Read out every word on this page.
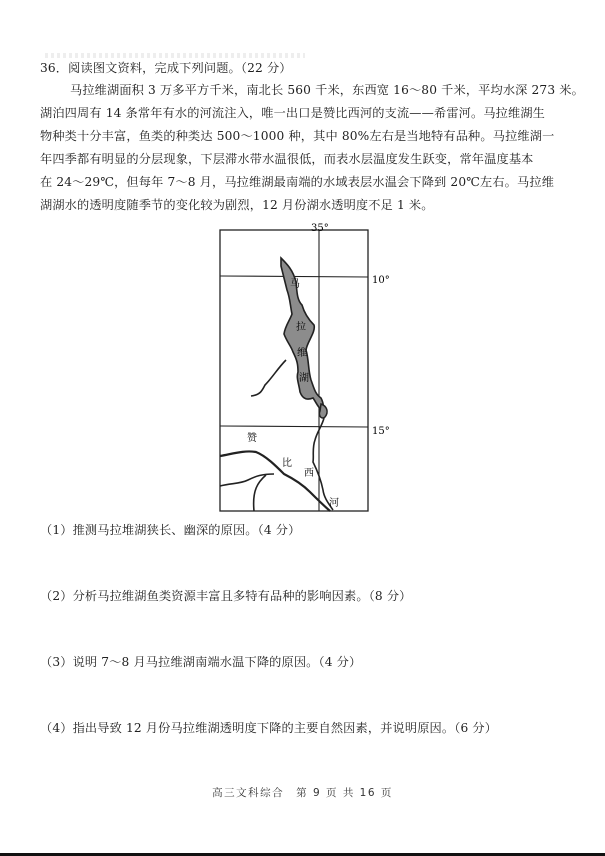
36．阅读图文资料，完成下列问题。（22 分）
马拉维湖面积 3 万多平方千米，南北长 560 千米，东西宽 16～80 千米，平均水深 273 米。
湖泊四周有 14 条常年有水的河流注入，唯一出口是赞比西河的支流——希雷河。马拉维湖生
物种类十分丰富，鱼类的种类达 500～1000 种，其中 80%左右是当地特有品种。马拉维湖一
年四季都有明显的分层现象，下层滞水带水温很低，而表水层温度发生跃变，常年温度基本
在 24～29℃，但每年 7～8 月，马拉维湖最南端的水域表层水温会下降到 20℃左右。马拉维
湖湖水的透明度随季节的变化较为剧烈，12 月份湖水透明度不足 1 米。
35°
10°
15°
马
拉
维
湖
赞
比
西
河
（1）推测马拉堆湖狭长、幽深的原因。（4 分）
（2）分析马拉维湖鱼类资源丰富且多特有品种的影响因素。（8 分）
（3）说明 7～8 月马拉维湖南端水温下降的原因。（4 分）
（4）指出导致 12 月份马拉维湖透明度下降的主要自然因素，并说明原因。（6 分）
高三文科综合　第 9 页 共 16 页
